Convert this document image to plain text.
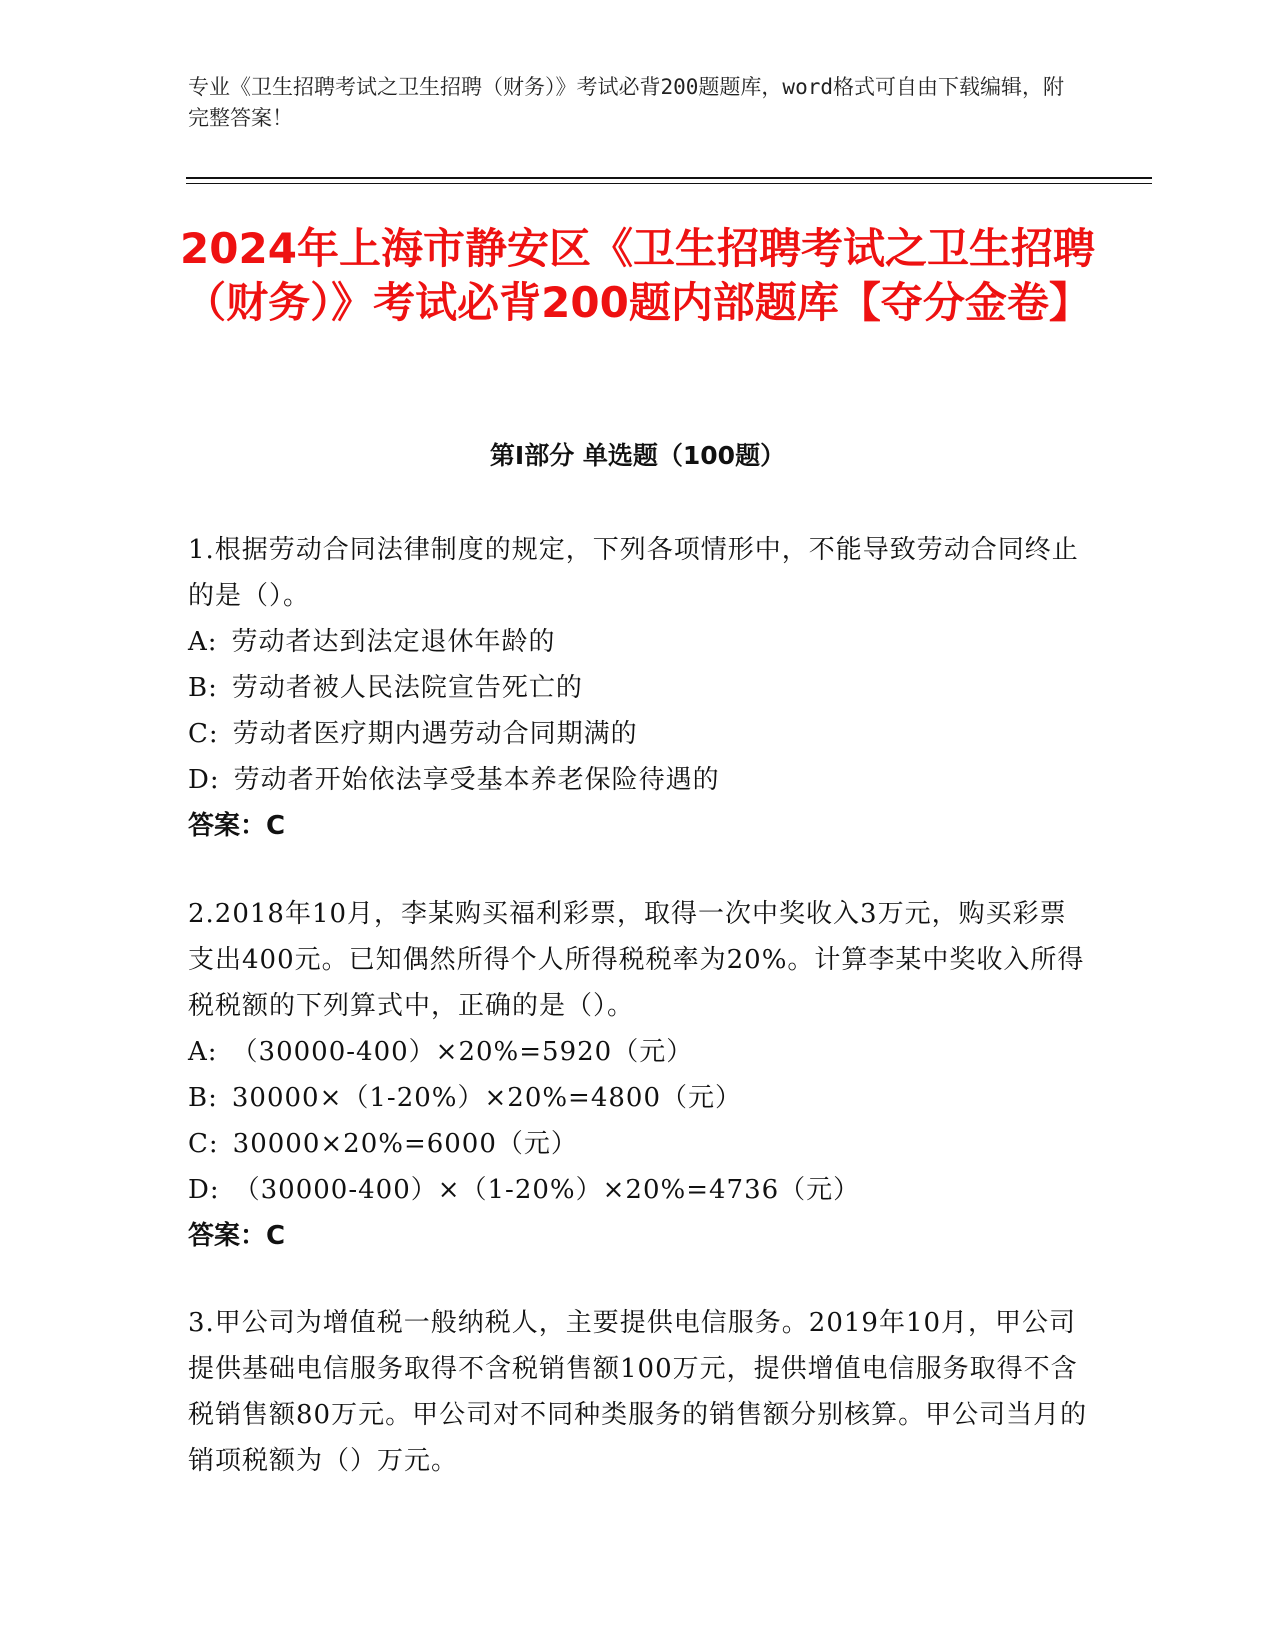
专业《卫生招聘考试之卫生招聘（财务）》考试必背200题题库，word格式可自由下载编辑，附完整答案！
2024年上海市静安区《卫生招聘考试之卫生招聘（财务）》考试必背200题内部题库【夺分金卷】
第I部分 单选题（100题）

1.根据劳动合同法律制度的规定，下列各项情形中，不能导致劳动合同终止的是（）。

A: 劳动者达到法定退休年龄的

B: 劳动者被人民法院宣告死亡的

C: 劳动者医疗期内遇劳动合同期满的

D: 劳动者开始依法享受基本养老保险待遇的

答案：C

2.2018年10月，李某购买福利彩票，取得一次中奖收入3万元，购买彩票支出400元。已知偶然所得个人所得税税率为20%。计算李某中奖收入所得税税额的下列算式中，正确的是（）。

A: （30000-400）×20%=5920（元）

B: 30000×（1-20%）×20%=4800（元）

C: 30000×20%=6000（元）

D: （30000-400）×（1-20%）×20%=4736（元）

答案：C

3.甲公司为增值税一般纳税人，主要提供电信服务。2019年10月，甲公司提供基础电信服务取得不含税销售额100万元，提供增值电信服务取得不含税销售额80万元。甲公司对不同种类服务的销售额分别核算。甲公司当月的销项税额为（）万元。
